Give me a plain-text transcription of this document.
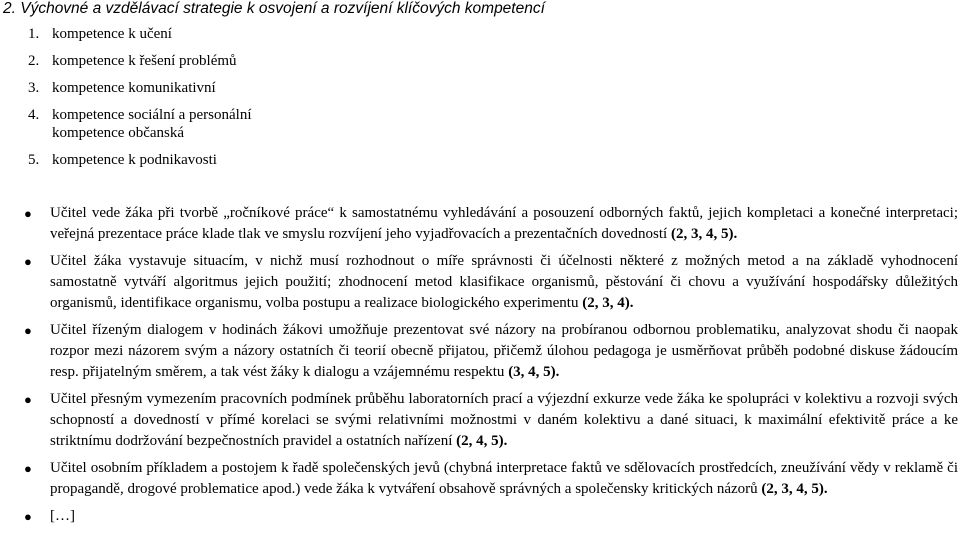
2. Výchovné a vzdělávací strategie k osvojení a rozvíjení klíčových kompetencí
1. kompetence k učení
2. kompetence k řešení problémů
3. kompetence komunikativní
4. kompetence sociální a personální kompetence občanská
5. kompetence k podnikavosti
●	Učitel vede žáka při tvorbě „ročníkové práce“ k samostatnému vyhledávání a posouzení odborných faktů, jejich kompletaci a konečné interpretaci; veřejná prezentace práce klade tlak ve smyslu rozvíjení jeho vyjadřovacích a prezentačních dovedností (2, 3, 4, 5).
●	Učitel žáka vystavuje situacím, v nichž musí rozhodnout o míře správnosti či účelnosti některé z možných metod a na základě vyhodnocení samostatně vytváří algoritmus jejich použití; zhodnocení metod klasifikace organismů, pěstování či chovu a využívání hospodářsky důležitých organismů, identifikace organismu, volba postupu a realizace biologického experimentu (2, 3, 4).
●	Učitel řízeným dialogem v hodinách žákovi umožňuje prezentovat své názory na probíranou odbornou problematiku, analyzovat shodu či naopak rozpor mezi názorem svým a názory ostatních či teorií obecně přijatou, přičemž úlohou pedagoga je usměrňovat průběh podobné diskuse žádoucím resp. přijatelným směrem, a tak vést žáky k dialogu a vzájemnému respektu (3, 4, 5).
●	Učitel přesným vymezením pracovních podmínek průběhu laboratorních prací a výjezdní exkurze vede žáka ke spolupráci v kolektivu a rozvoji svých schopností a dovedností v přímé korelaci se svými relativními možnostmi v daném kolektivu a dané situaci, k maximální efektivitě práce a ke striktnímu dodržování bezpečnostních pravidel a ostatních nařízení (2, 4, 5).
●	Učitel osobním příkladem a postojem k řadě společenských jevů (chybná interpretace faktů ve sdělovacích prostředcích, zneužívání vědy v reklamě či propagandě, drogové problematice apod.) vede žáka k vytváření obsahově správných a společensky kritických názorů (2, 3, 4, 5).
●	[…]
